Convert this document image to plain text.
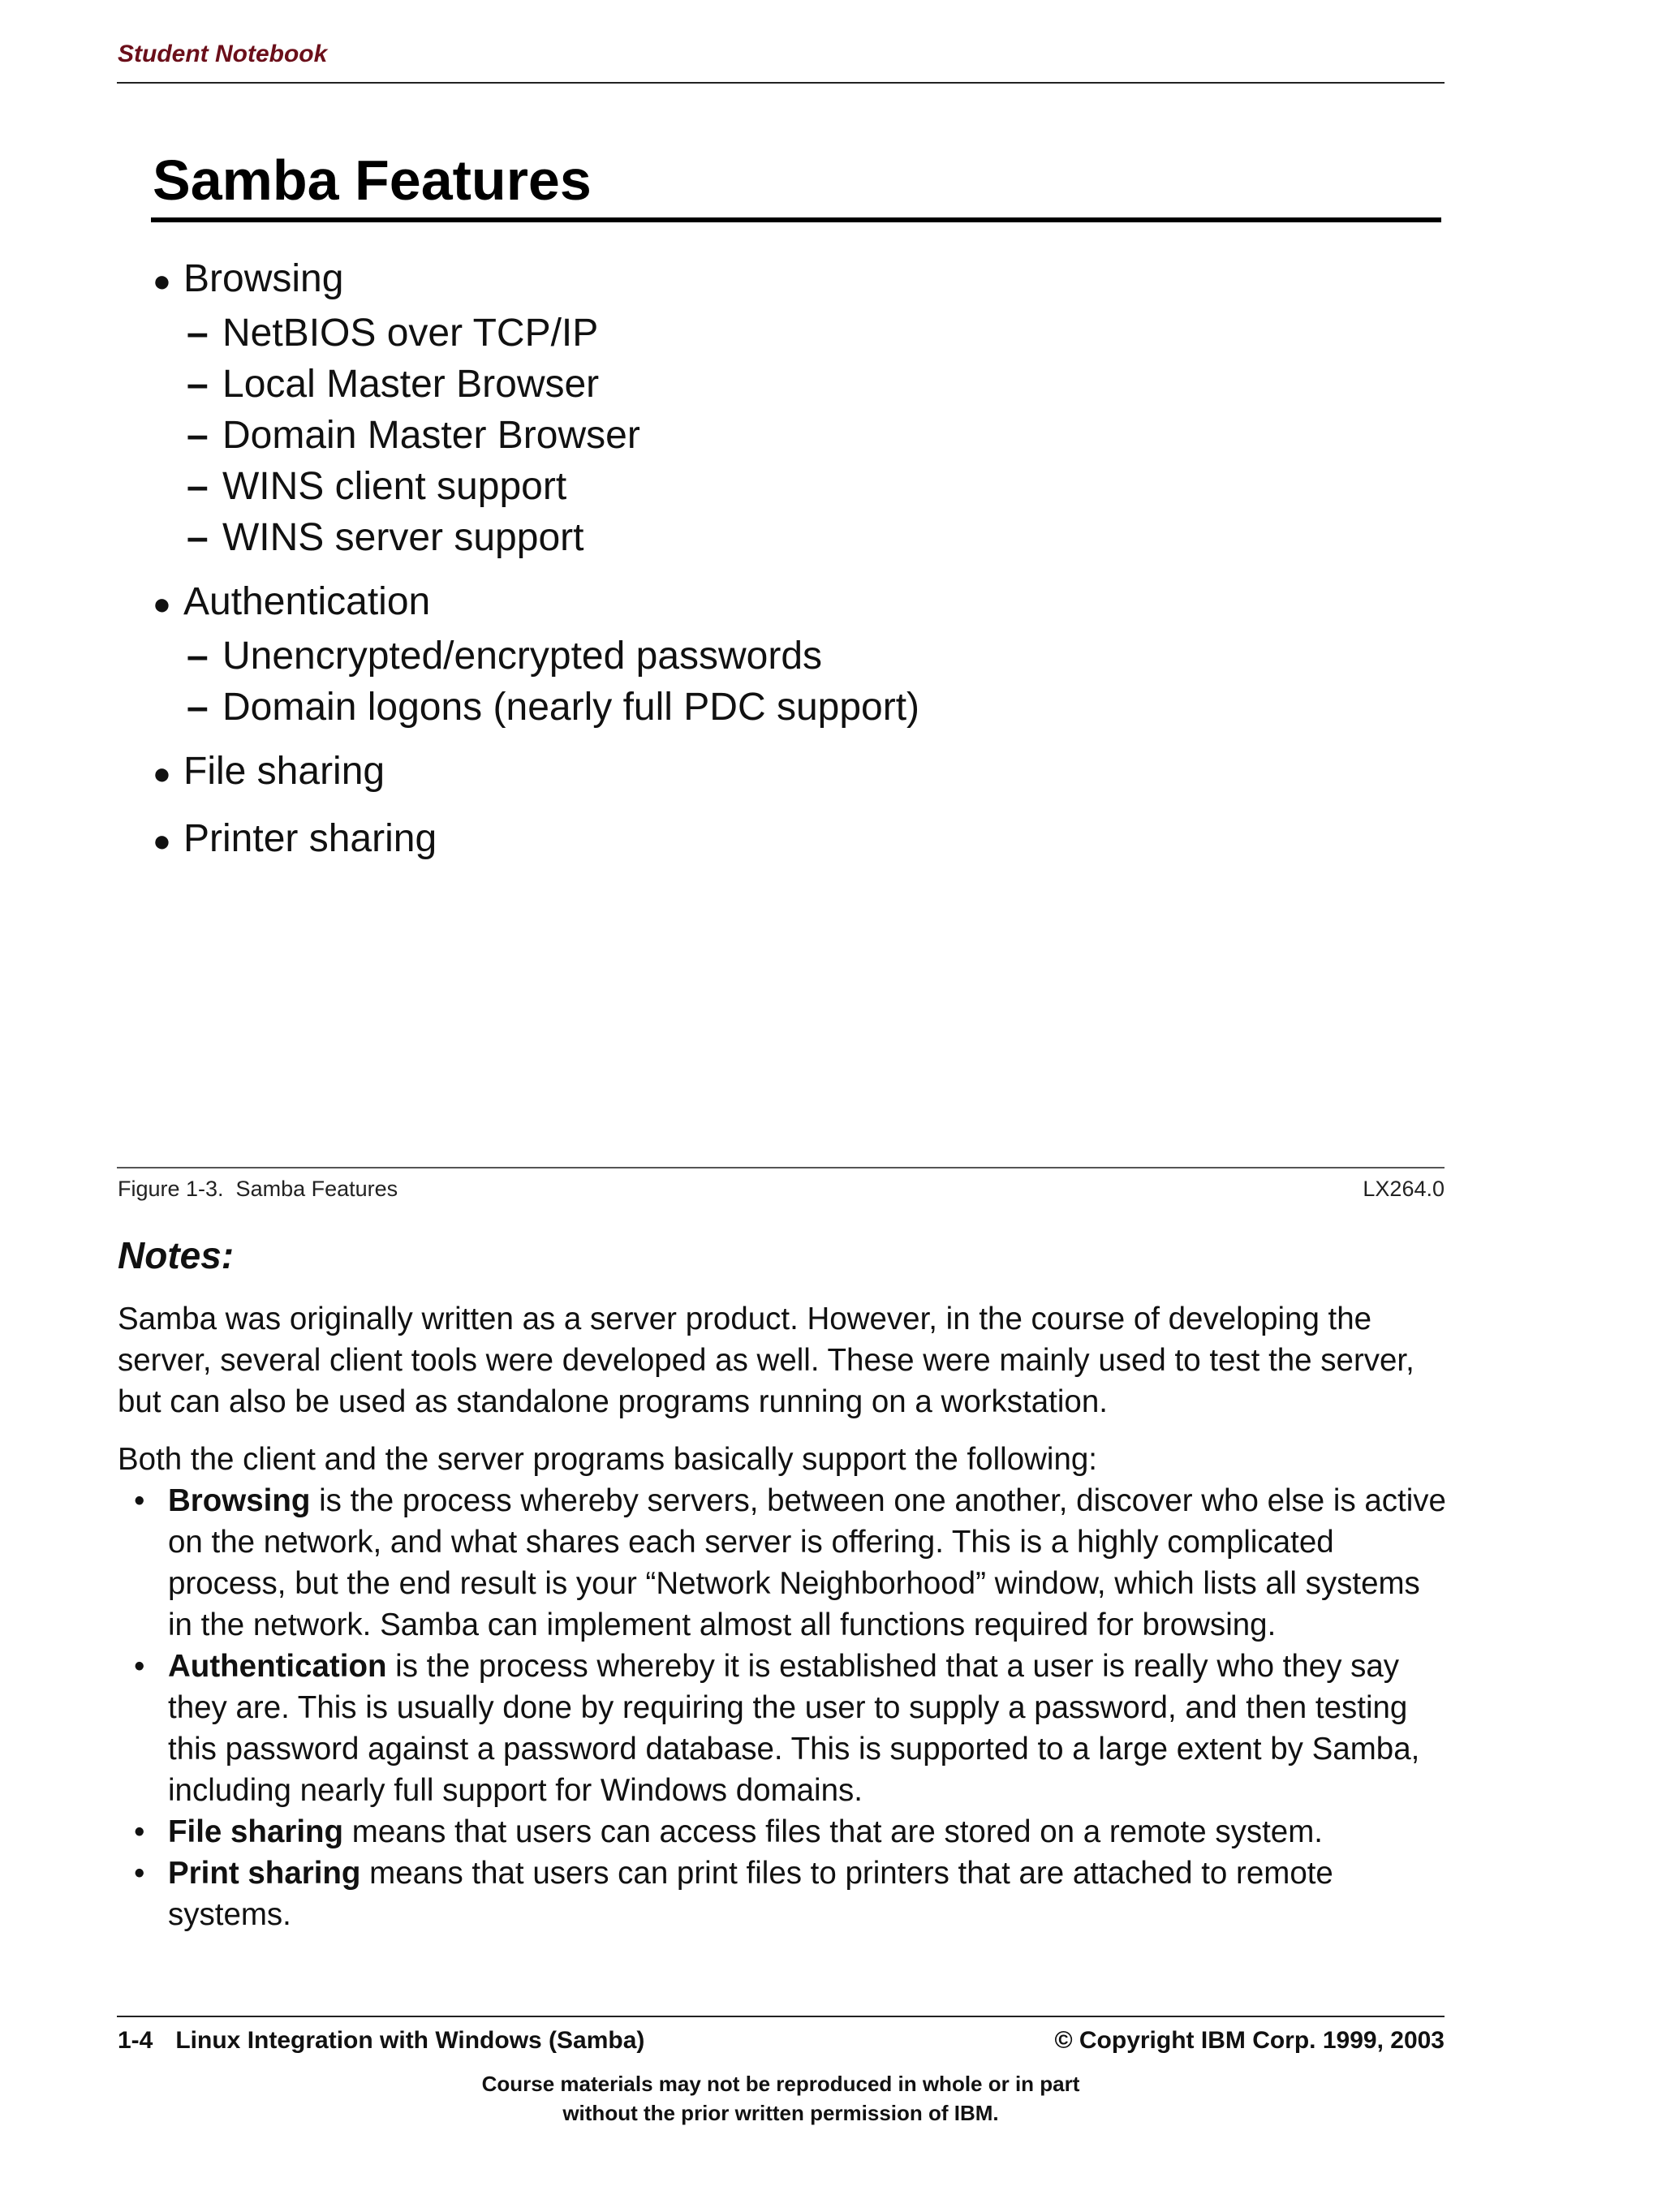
Student Notebook
Samba Features
● Browsing
– NetBIOS over TCP/IP
– Local Master Browser
– Domain Master Browser
– WINS client support
– WINS server support
● Authentication
– Unencrypted/encrypted passwords
– Domain logons (nearly full PDC support)
● File sharing
● Printer sharing
Figure 1-3.  Samba Features	LX264.0
Notes:

Samba was originally written as a server product. However, in the course of developing the server, several client tools were developed as well. These were mainly used to test the server, but can also be used as standalone programs running on a workstation.

Both the client and the server programs basically support the following:

• Browsing is the process whereby servers, between one another, discover who else is active on the network, and what shares each server is offering. This is a highly complicated process, but the end result is your “Network Neighborhood” window, which lists all systems in the network. Samba can implement almost all functions required for browsing.
• Authentication is the process whereby it is established that a user is really who they say they are. This is usually done by requiring the user to supply a password, and then testing this password against a password database. This is supported to a large extent by Samba, including nearly full support for Windows domains.
• File sharing means that users can access files that are stored on a remote system.
• Print sharing means that users can print files to printers that are attached to remote systems.
1-4 Linux Integration with Windows (Samba)	© Copyright IBM Corp. 1999, 2003
Course materials may not be reproduced in whole or in part
without the prior written permission of IBM.
